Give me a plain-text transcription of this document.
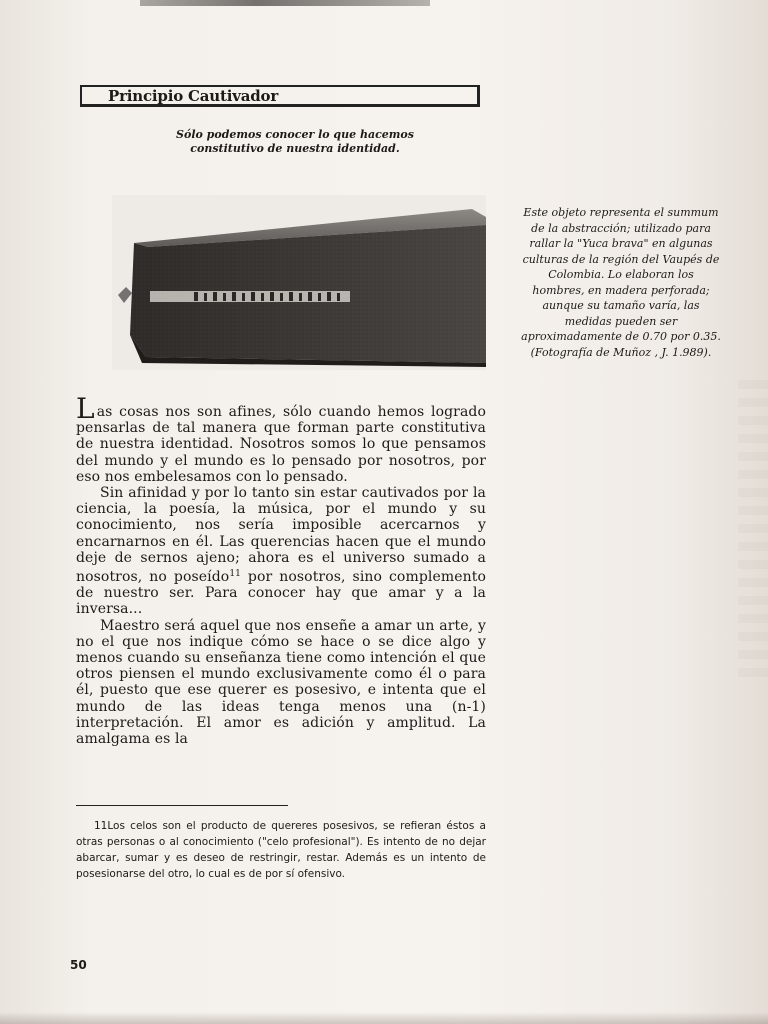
Principio Cautivador
Sólo podemos conocer lo que hacemos
constitutivo de nuestra identidad.
Este objeto representa el summum
de la abstracción; utilizado para
rallar la "Yuca brava" en algunas
culturas de la región del Vaupés de
Colombia. Lo elaboran los
hombres, en madera perforada;
aunque su tamaño varía, las
medidas pueden ser
aproximadamente de 0.70 por 0.35.
(Fotografía de Muñoz , J. 1.989).

Las cosas nos son afines, sólo cuando hemos logrado pensarlas de tal manera que forman parte constitutiva de nuestra identidad. Nosotros somos lo que pensamos del mundo y el mundo es lo pensado por nosotros, por eso nos embelesamos con lo pensado.

Sin afinidad y por lo tanto sin estar cautivados por la ciencia, la poesía, la música, por el mundo y su conocimiento, nos sería imposible acercarnos y encarnarnos en él. Las querencias hacen que el mundo deje de sernos ajeno; ahora es el universo sumado a nosotros, no poseído$^{11}$ por nosotros, sino complemento de nuestro ser. Para conocer hay que amar y a la inversa...

Maestro será aquel que nos enseñe a amar un arte, y no el que nos indique cómo se hace o se dice algo y menos cuando su enseñanza tiene como intención el que otros piensen el mundo exclusivamente como él o para él, puesto que ese querer es posesivo, e intenta que el mundo de las ideas tenga menos una (n-1) interpretación. El amor es adición y amplitud. La amalgama es la

11Los celos son el producto de quereres posesivos, se refieran éstos a otras personas o al conocimiento ("celo profesional"). Es intento de no dejar abarcar, sumar y es deseo de restringir, restar. Además es un intento de posesionarse del otro, lo cual es de por sí ofensivo.

50
